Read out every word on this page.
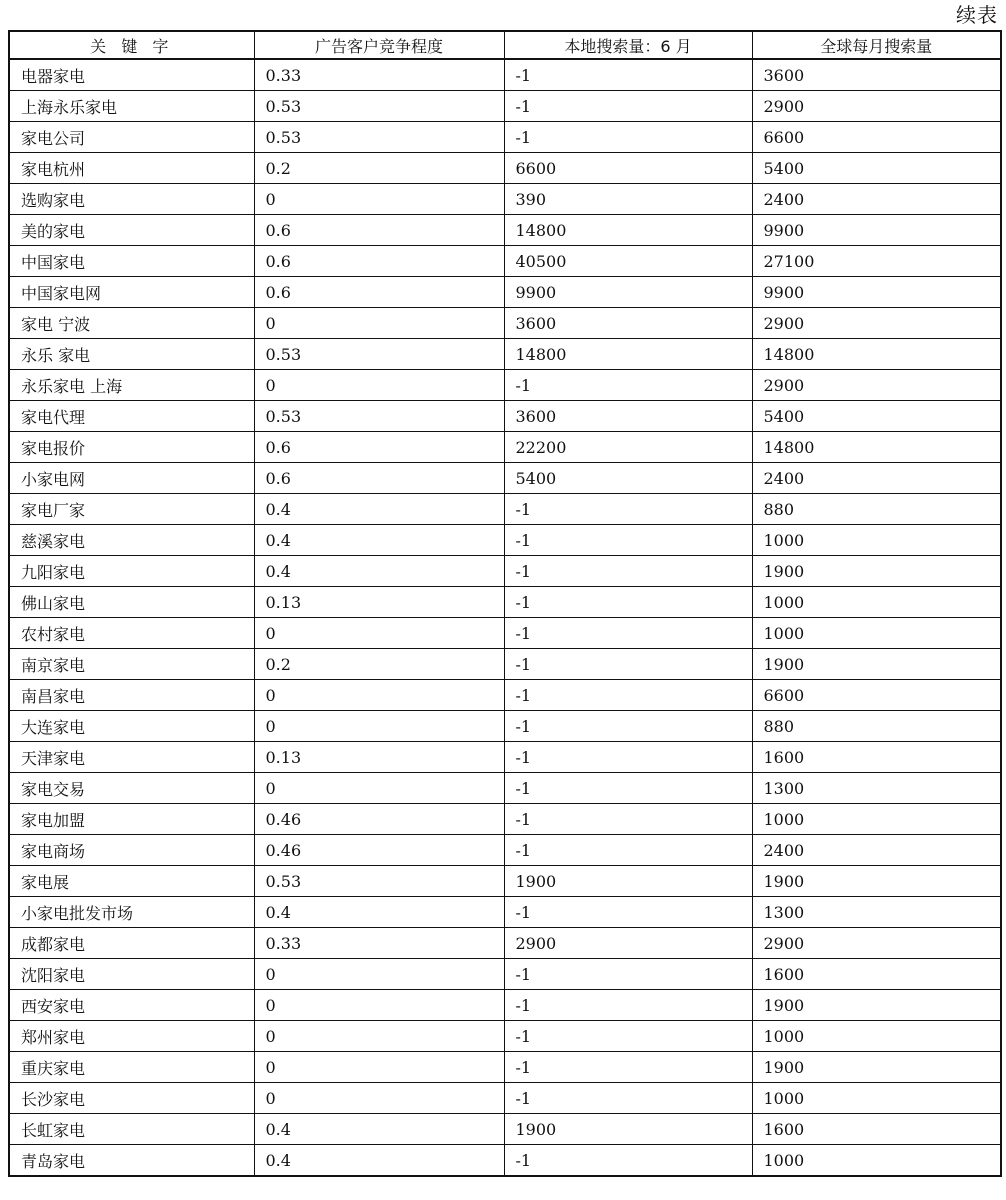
续表
关 键 字	广告客户竞争程度	本地搜索量：6 月	全球每月搜索量
电器家电	0.33	-1	3600
上海永乐家电	0.53	-1	2900
家电公司	0.53	-1	6600
家电杭州	0.2	6600	5400
选购家电	0	390	2400
美的家电	0.6	14800	9900
中国家电	0.6	40500	27100
中国家电网	0.6	9900	9900
家电 宁波	0	3600	2900
永乐 家电	0.53	14800	14800
永乐家电 上海	0	-1	2900
家电代理	0.53	3600	5400
家电报价	0.6	22200	14800
小家电网	0.6	5400	2400
家电厂家	0.4	-1	880
慈溪家电	0.4	-1	1000
九阳家电	0.4	-1	1900
佛山家电	0.13	-1	1000
农村家电	0	-1	1000
南京家电	0.2	-1	1900
南昌家电	0	-1	6600
大连家电	0	-1	880
天津家电	0.13	-1	1600
家电交易	0	-1	1300
家电加盟	0.46	-1	1000
家电商场	0.46	-1	2400
家电展	0.53	1900	1900
小家电批发市场	0.4	-1	1300
成都家电	0.33	2900	2900
沈阳家电	0	-1	1600
西安家电	0	-1	1900
郑州家电	0	-1	1000
重庆家电	0	-1	1900
长沙家电	0	-1	1000
长虹家电	0.4	1900	1600
青岛家电	0.4	-1	1000
